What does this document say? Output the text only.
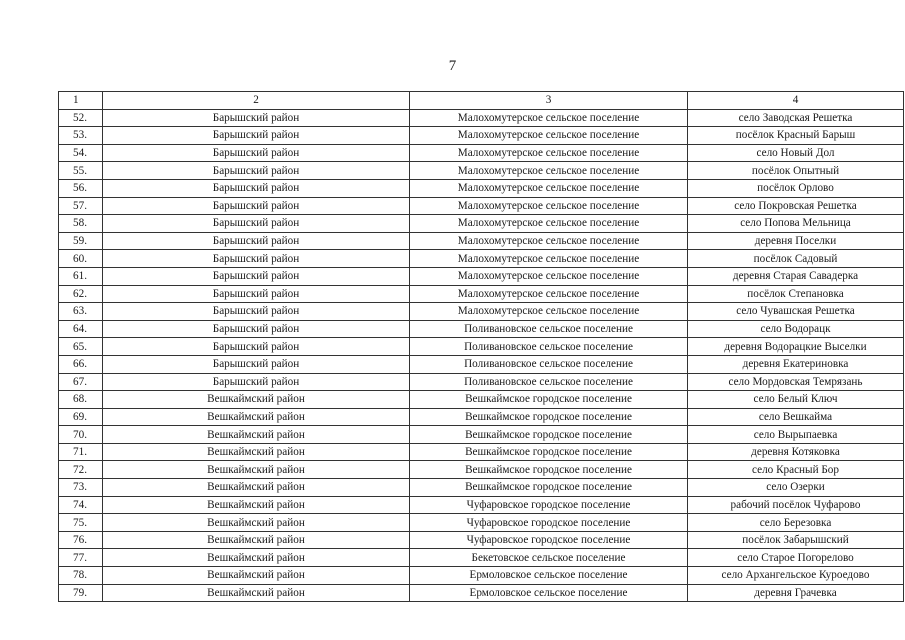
7
1	2	3	4
52.	Барышский район	Малохомутерское сельское поселение	село Заводская Решетка
53.	Барышский район	Малохомутерское сельское поселение	посёлок Красный Барыш
54.	Барышский район	Малохомутерское сельское поселение	село Новый Дол
55.	Барышский район	Малохомутерское сельское поселение	посёлок Опытный
56.	Барышский район	Малохомутерское сельское поселение	посёлок Орлово
57.	Барышский район	Малохомутерское сельское поселение	село Покровская Решетка
58.	Барышский район	Малохомутерское сельское поселение	село Попова Мельница
59.	Барышский район	Малохомутерское сельское поселение	деревня Поселки
60.	Барышский район	Малохомутерское сельское поселение	посёлок Садовый
61.	Барышский район	Малохомутерское сельское поселение	деревня Старая Савадерка
62.	Барышский район	Малохомутерское сельское поселение	посёлок Степановка
63.	Барышский район	Малохомутерское сельское поселение	село Чувашская Решетка
64.	Барышский район	Поливановское сельское поселение	село Водорацк
65.	Барышский район	Поливановское сельское поселение	деревня Водорацкие Выселки
66.	Барышский район	Поливановское сельское поселение	деревня Екатериновка
67.	Барышский район	Поливановское сельское поселение	село Мордовская Темрязань
68.	Вешкаймский район	Вешкаймское городское поселение	село Белый Ключ
69.	Вешкаймский район	Вешкаймское городское поселение	село Вешкайма
70.	Вешкаймский район	Вешкаймское городское поселение	село Вырыпаевка
71.	Вешкаймский район	Вешкаймское городское поселение	деревня Котяковка
72.	Вешкаймский район	Вешкаймское городское поселение	село Красный Бор
73.	Вешкаймский район	Вешкаймское городское поселение	село Озерки
74.	Вешкаймский район	Чуфаровское городское поселение	рабочий посёлок Чуфарово
75.	Вешкаймский район	Чуфаровское городское поселение	село Березовка
76.	Вешкаймский район	Чуфаровское городское поселение	посёлок Забарышский
77.	Вешкаймский район	Бекетовское сельское поселение	село Старое Погорелово
78.	Вешкаймский район	Ермоловское сельское поселение	село Архангельское Куроедово
79.	Вешкаймский район	Ермоловское сельское поселение	деревня Грачевка
